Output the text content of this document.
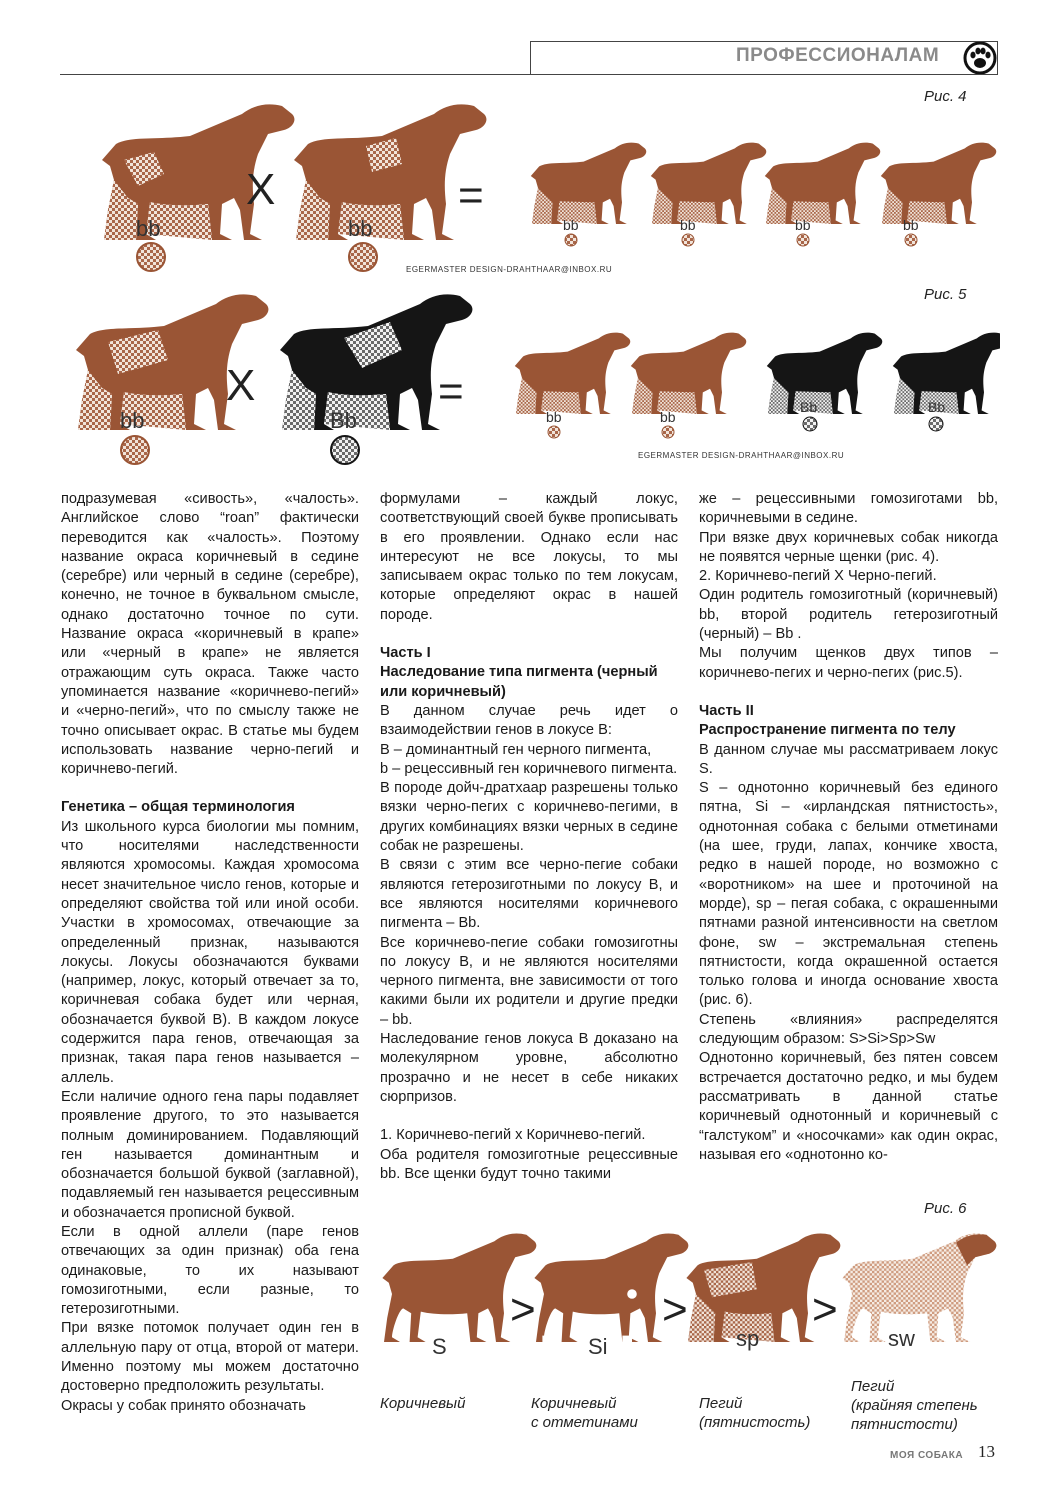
ПРОФЕССИОНАЛАМ
Рис. 4
bb
X
bb
=
bb	bb	bb	bb
EGERMASTER DESIGN-DRAHTHAAR@INBOX.RU
Рис. 5
bb
X
Bb
=
bb	bb
Bb	Bb
EGERMASTER DESIGN-DRAHTHAAR@INBOX.RU

подразумевая «сивость», «чалость». Английское слово “roan” фактически переводится как «чалость». Поэтому название окраса коричневый в седине (серебре) или черный в седине (серебре), конечно, не точное в буквальном смысле, однако достаточно точное по сути. Название окраса «коричневый в крапе» или «черный в крапе» не является отражающим суть окраса. Также часто упоминается название «коричнево-пегий» и «черно-пегий», что по смыслу также не точно описывает окрас. В статье мы будем использовать название черно-пегий и коричнево-пегий.

Генетика – общая терминология

Из школьного курса биологии мы помним, что носителями наследственности являются хромосомы. Каждая хромосома несет значительное число генов, которые и определяют свойства той или иной особи. Участки в хромосомах, отвечающие за определенный признак, называются локусы. Локусы обозначаются буквами (например, локус, который отвечает за то, коричневая собака будет или черная, обозначается буквой В). В каждом локусе содержится пара генов, отвечающая за признак, такая пара генов называется – аллель.

Если наличие одного гена пары подавляет проявление другого, то это называется полным доминированием. Подавляющий ген называется доминантным и обозначается большой буквой (заглавной), подавляемый ген называется рецессивным и обозначается прописной буквой.

Если в одной аллели (паре генов отвечающих за один признак) оба гена одинаковые, то их называют гомозиготными, если разные, то гетерозиготными.

При вязке потомок получает один ген в аллельную пару от отца, второй от матери. Именно поэтому мы можем достаточно достоверно предположить результаты.

Окрасы у собак принято обозначать

формулами – каждый локус, соответствующий своей букве прописывать в его проявлении. Однако если нас интересуют не все локусы, то мы записываем окрас только по тем локусам, которые определяют окрас в нашей породе.

Часть I

Наследование типа пигмента (черный или коричневый)

В данном случае речь идет о взаимодействии генов в локусе В:

В – доминантный ген черного пигмента,

b – рецессивный ген коричневого пигмента.

В породе дойч-дратхаар разрешены только вязки черно-пегих с коричнево-пегими, в других комбинациях вязки черных в седине собак не разрешены.

В связи с этим все черно-пегие собаки являются гетерозиготными по локусу В, и все являются носителями коричневого пигмента – Bb.

Все коричнево-пегие собаки гомозиготны по локусу В, и не являются носителями черного пигмента, вне зависимости от того какими были их родители и другие предки – bb.

Наследование генов локуса В доказано на молекулярном уровне, абсолютно прозрачно и не несет в себе никаких сюрпризов.

1. Коричнево-пегий х Коричнево-пегий.

Оба родителя гомозиготные рецессивные bb. Все щенки будут точно такими

же – рецессивными гомозиготами bb, коричневыми в седине.

При вязке двух коричневых собак никогда не появятся черные щенки (рис. 4).

2. Коричнево-пегий Х Черно-пегий.

Один родитель гомозиготный (коричневый) bb, второй родитель гетерозиготный (черный) – Bb .

Мы получим щенков двух типов – коричнево-пегих и черно-пегих (рис.5).

Часть II

Распространение пигмента по телу

В данном случае мы рассматриваем локус S.

S – однотонно коричневый без единого пятна, Si – «ирландская пятнистость», однотонная собака с белыми отметинами (на шее, груди, лапах, кончике хвоста, редко в нашей породе, но возможно с «воротником» на шее и проточиной на морде), sp – пегая собака, с окрашенными пятнами разной интенсивности на светлом фоне, sw – экстремальная степень пятнистости, когда окрашенной остается только голова и иногда основание хвоста (рис. 6).

Степень «влияния» распределятся следующим образом: S>Si>Sp>Sw

Однотонно коричневый, без пятен совсем встречается достаточно редко, и мы будем рассматривать в данной статье коричневый однотонный и коричневый с “галстуком” и «носочками» как один окрас, называя его «однотонно ко-

Рис. 6
S
>
Si
>
sp
>
sw
Коричневый	Коричневый
с отметинами
Пегий
(пятнистость)
Пегий
(крайняя степень
пятнистости)
МОЯ СОБАКА 13
